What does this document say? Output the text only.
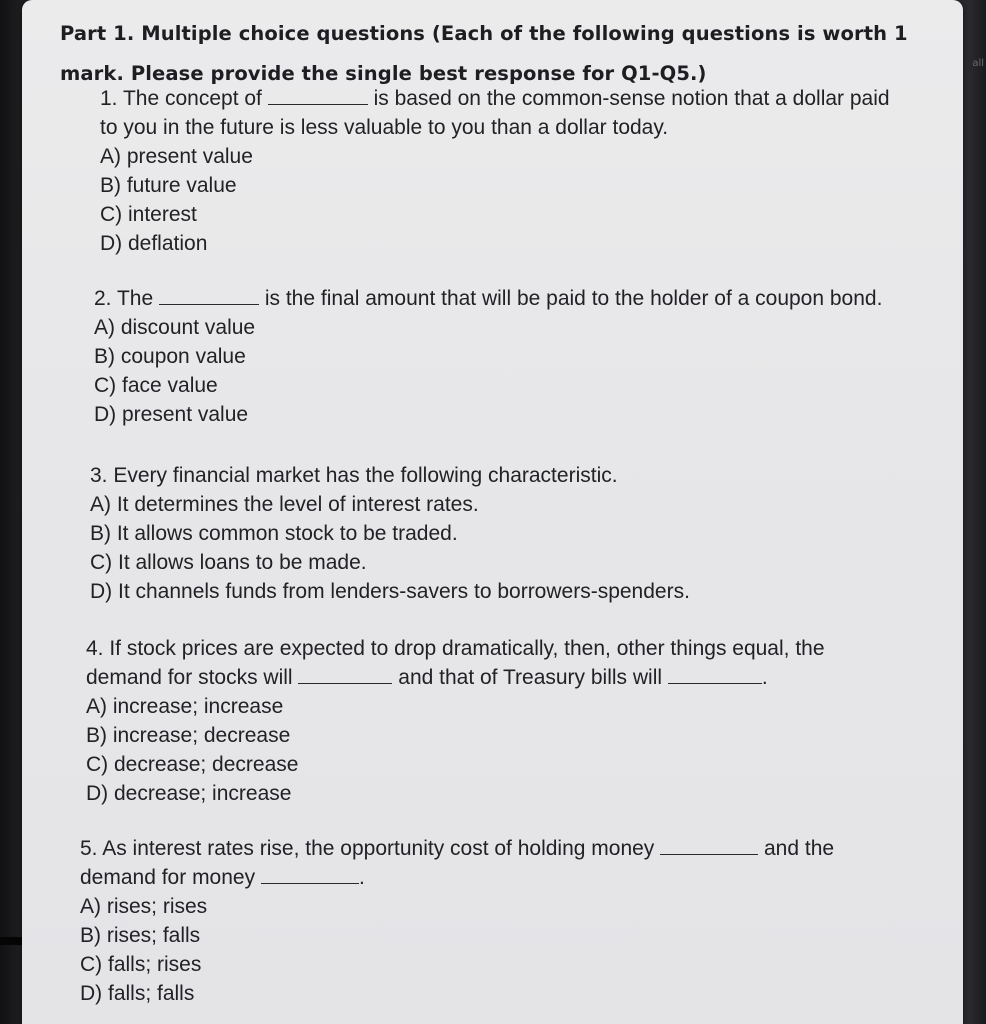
all
Part 1. Multiple choice questions (Each of the following questions is worth 1
mark. Please provide the single best response for Q1-Q5.)
1. The concept of	is based on the common-sense notion that a dollar paid
to you in the future is less valuable to you than a dollar today.
A) present value
B) future value
C) interest
D) deflation
2. The	is the final amount that will be paid to the holder of a coupon bond.
A) discount value
B) coupon value
C) face value
D) present value
3. Every financial market has the following characteristic.
A) It determines the level of interest rates.
B) It allows common stock to be traded.
C) It allows loans to be made.
D) It channels funds from lenders-savers to borrowers-spenders.
4. If stock prices are expected to drop dramatically, then, other things equal, the
demand for stocks will	and that of Treasury bills will	.
A) increase; increase
B) increase; decrease
C) decrease; decrease
D) decrease; increase
5. As interest rates rise, the opportunity cost of holding money	and the
demand for money	.
A) rises; rises
B) rises; falls
C) falls; rises
D) falls; falls
